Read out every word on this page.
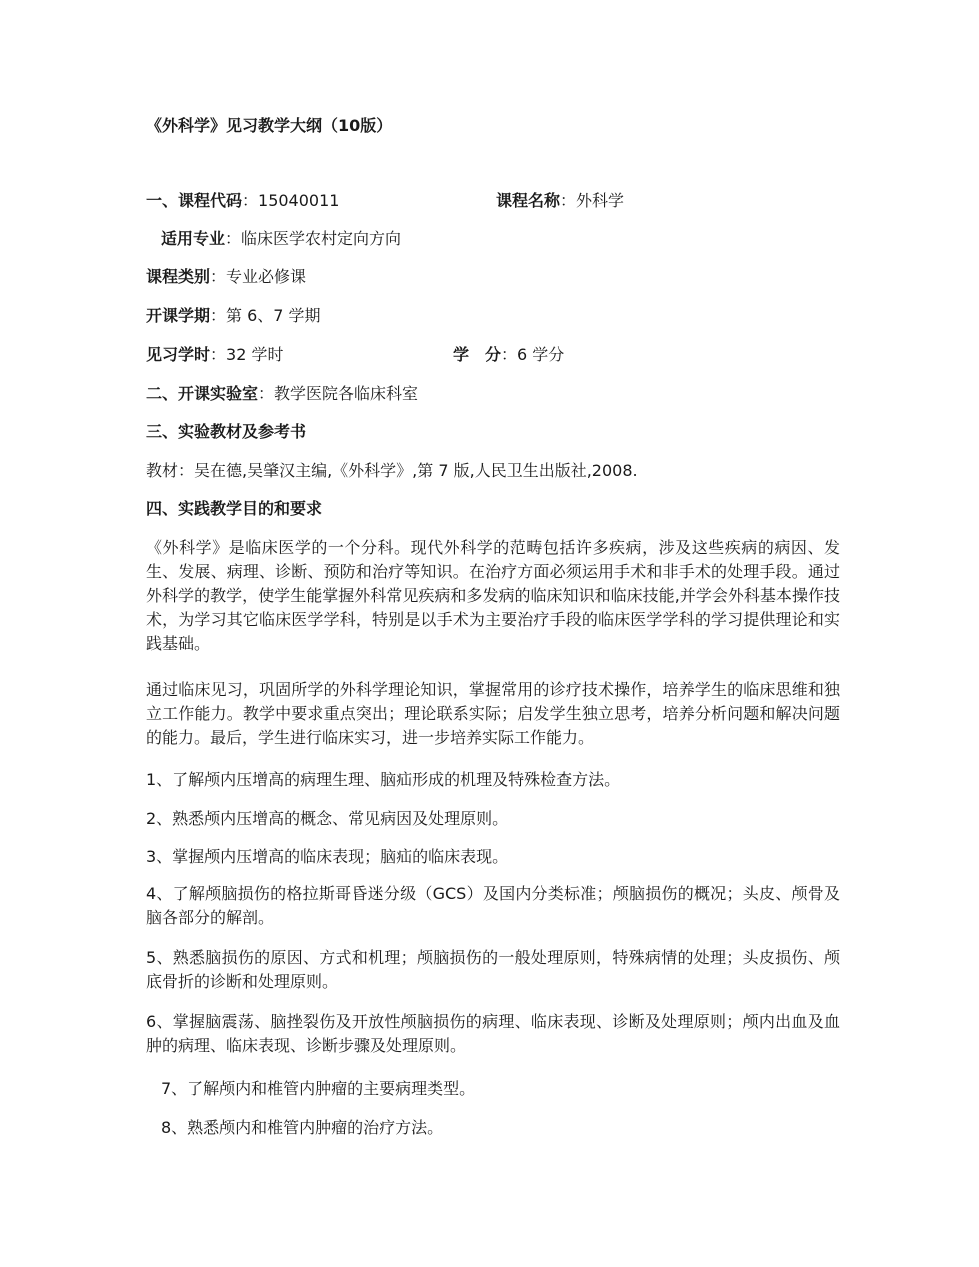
《外科学》见习教学大纲（10版）
一、课程代码：15040011	课程名称：外科学
适用专业：临床医学农村定向方向
课程类别：专业必修课
开课学期：第 6、7 学期
见习学时：32 学时	学　分：6 学分
二、开课实验室：教学医院各临床科室
三、实验教材及参考书
教材：吴在德,吴肇汉主编,《外科学》,第 7 版,人民卫生出版社,2008.
四、实践教学目的和要求
《外科学》是临床医学的一个分科。现代外科学的范畴包括许多疾病，涉及这些疾病的病因、发生、发展、病理、诊断、预防和治疗等知识。在治疗方面必须运用手术和非手术的处理手段。通过外科学的教学，使学生能掌握外科常见疾病和多发病的临床知识和临床技能,并学会外科基本操作技术，为学习其它临床医学学科，特别是以手术为主要治疗手段的临床医学学科的学习提供理论和实践基础。
通过临床见习，巩固所学的外科学理论知识，掌握常用的诊疗技术操作，培养学生的临床思维和独立工作能力。教学中要求重点突出；理论联系实际；启发学生独立思考，培养分析问题和解决问题的能力。最后，学生进行临床实习，进一步培养实际工作能力。
1、了解颅内压增高的病理生理、脑疝形成的机理及特殊检查方法。
2、熟悉颅内压增高的概念、常见病因及处理原则。
3、掌握颅内压增高的临床表现；脑疝的临床表现。
4、了解颅脑损伤的格拉斯哥昏迷分级（GCS）及国内分类标准；颅脑损伤的概况；头皮、颅骨及脑各部分的解剖。
5、熟悉脑损伤的原因、方式和机理；颅脑损伤的一般处理原则，特殊病情的处理；头皮损伤、颅底骨折的诊断和处理原则。
6、掌握脑震荡、脑挫裂伤及开放性颅脑损伤的病理、临床表现、诊断及处理原则；颅内出血及血肿的病理、临床表现、诊断步骤及处理原则。
7、了解颅内和椎管内肿瘤的主要病理类型。
8、熟悉颅内和椎管内肿瘤的治疗方法。
